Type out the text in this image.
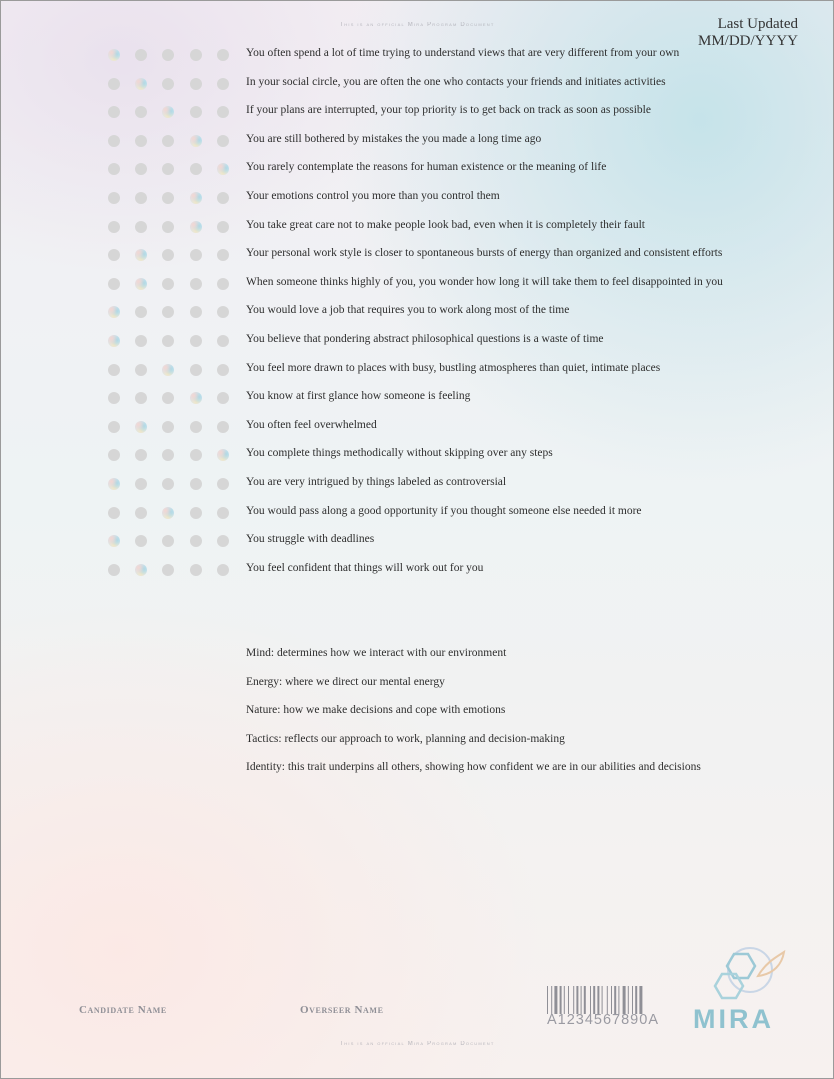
This is an official Mira Program Document	Last Updated
MM/DD/YYYY
You often spend a lot of time trying to understand views that are very different from your own
In your social circle, you are often the one who contacts your friends and initiates activities
If your plans are interrupted, your top priority is to get back on track as soon as possible
You are still bothered by mistakes the you made a long time ago
You rarely contemplate the reasons for human existence or the meaning of life
Your emotions control you more than you control them
You take great care not to make people look bad, even when it is completely their fault
Your personal work style is closer to spontaneous bursts of energy than organized and consistent efforts
When someone thinks highly of you, you wonder how long it will take them to feel disappointed in you
You would love a job that requires you to work along most of the time
You believe that pondering abstract philosophical questions is a waste of time
You feel more drawn to places with busy, bustling atmospheres than quiet, intimate places
You know at first glance how someone is feeling
You often feel overwhelmed
You complete things methodically without skipping over any steps
You are very intrigued by things labeled as controversial
You would pass along a good opportunity if you thought someone else needed it more
You struggle with deadlines
You feel confident that things will work out for you
Mind: determines how we interact with our environment
Energy: where we direct our mental energy
Nature: how we make decisions and cope with emotions
Tactics: reflects our approach to work, planning and decision-making
Identity: this trait underpins all others, showing how confident we are in our abilities and decisions
Candidate Name	Overseer Name
A1234567890A MIRA
This is an official Mira Program Document
